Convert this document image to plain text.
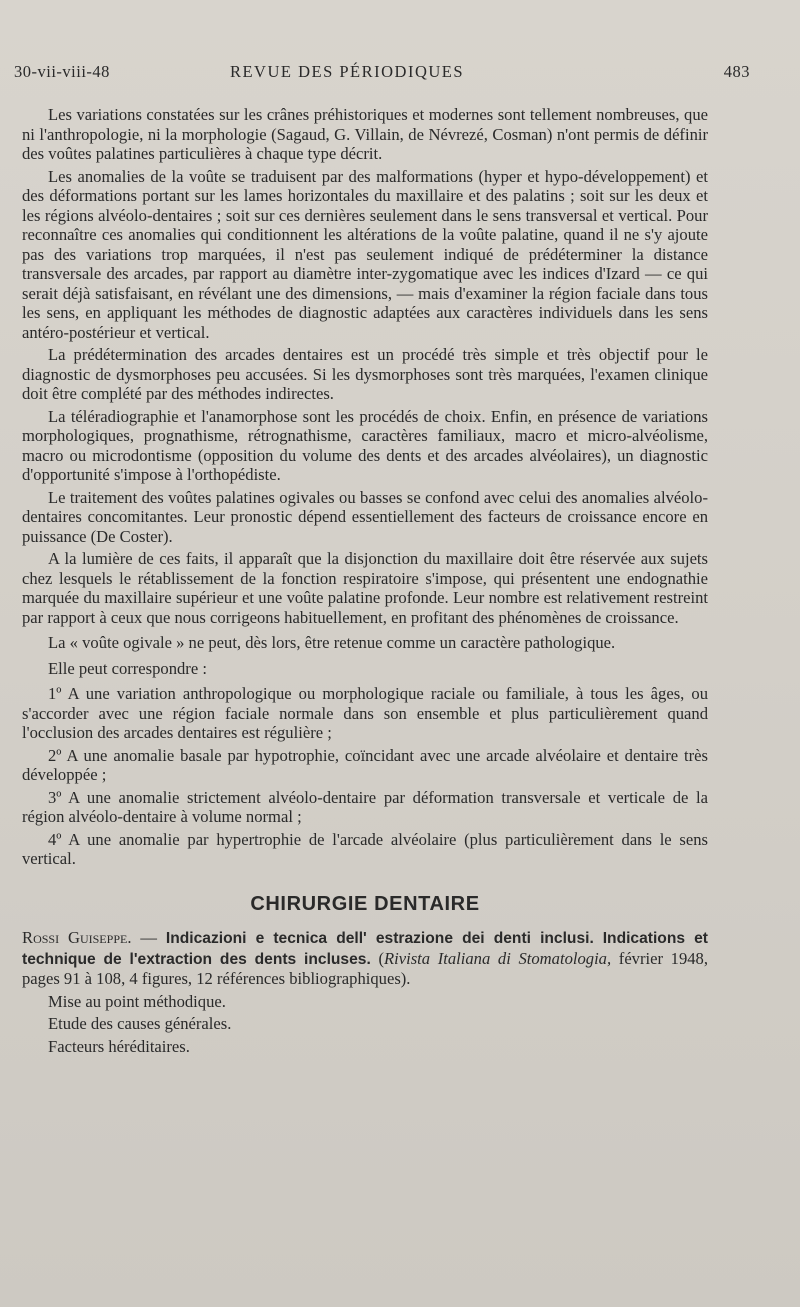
30-vii-viii-48	REVUE DES PÉRIODIQUES	483

Les variations constatées sur les crânes préhistoriques et modernes sont tellement nombreuses, que ni l'anthropologie, ni la morphologie (Sagaud, G. Villain, de Névrezé, Cosman) n'ont permis de définir des voûtes palatines particulières à chaque type décrit.

Les anomalies de la voûte se traduisent par des malformations (hyper et hypo-développement) et des déformations portant sur les lames horizontales du maxillaire et des palatins ; soit sur les deux et les régions alvéolo-dentaires ; soit sur ces dernières seulement dans le sens transversal et vertical. Pour reconnaître ces anomalies qui conditionnent les altérations de la voûte palatine, quand il ne s'y ajoute pas des variations trop marquées, il n'est pas seulement indiqué de prédéterminer la distance transversale des arcades, par rapport au diamètre inter-zygomatique avec les indices d'Izard — ce qui serait déjà satisfaisant, en révélant une des dimensions, — mais d'examiner la région faciale dans tous les sens, en appliquant les méthodes de diagnostic adaptées aux caractères individuels dans les sens antéro-postérieur et vertical.

La prédétermination des arcades dentaires est un procédé très simple et très objectif pour le diagnostic de dysmorphoses peu accusées. Si les dysmorphoses sont très marquées, l'examen clinique doit être complété par des méthodes indirectes.

La téléradiographie et l'anamorphose sont les procédés de choix. Enfin, en présence de variations morphologiques, prognathisme, rétrognathisme, caractères familiaux, macro et micro-alvéolisme, macro ou microdontisme (opposition du volume des dents et des arcades alvéolaires), un diagnostic d'opportunité s'impose à l'orthopédiste.

Le traitement des voûtes palatines ogivales ou basses se confond avec celui des anomalies alvéolo-dentaires concomitantes. Leur pronostic dépend essentiellement des facteurs de croissance encore en puissance (De Coster).

A la lumière de ces faits, il apparaît que la disjonction du maxillaire doit être réservée aux sujets chez lesquels le rétablissement de la fonction respiratoire s'impose, qui présentent une endognathie marquée du maxillaire supérieur et une voûte palatine profonde. Leur nombre est relativement restreint par rapport à ceux que nous corrigeons habituellement, en profitant des phénomènes de croissance.

La « voûte ogivale » ne peut, dès lors, être retenue comme un caractère pathologique.

Elle peut correspondre :

1º A une variation anthropologique ou morphologique raciale ou familiale, à tous les âges, ou s'accorder avec une région faciale normale dans son ensemble et plus particulièrement quand l'occlusion des arcades dentaires est régulière ;

2º A une anomalie basale par hypotrophie, coïncidant avec une arcade alvéolaire et dentaire très développée ;

3º A une anomalie strictement alvéolo-dentaire par déformation transversale et verticale de la région alvéolo-dentaire à volume normal ;

4º A une anomalie par hypertrophie de l'arcade alvéolaire (plus particulièrement dans le sens vertical.

CHIRURGIE DENTAIRE

Rossi Guiseppe. — Indicazioni e tecnica dell' estrazione dei denti inclusi. Indications et technique de l'extraction des dents incluses. (Rivista Italiana di Stomatologia, février 1948, pages 91 à 108, 4 figures, 12 références bibliographiques).

Mise au point méthodique.

Etude des causes générales.

Facteurs héréditaires.
